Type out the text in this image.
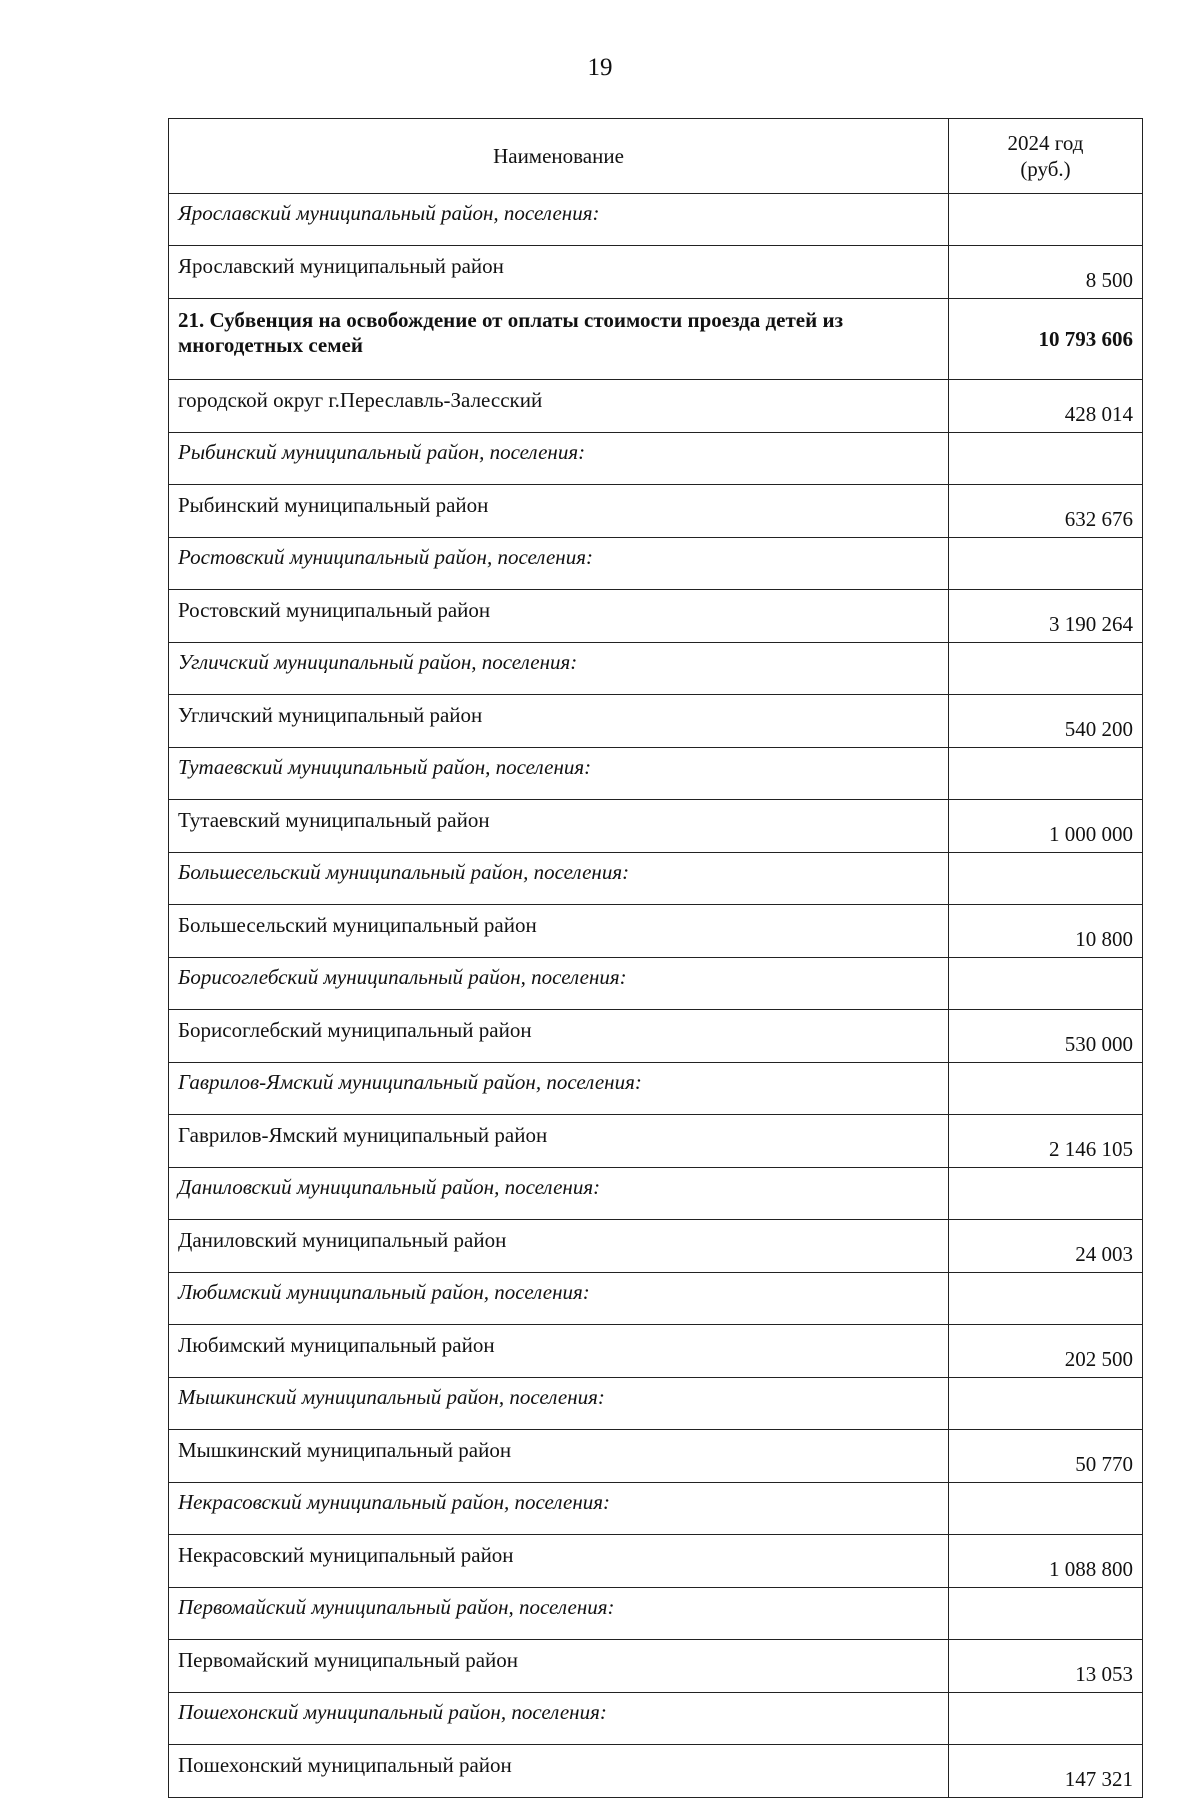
19
Наименование	2024 год
(руб.)

Ярославский муниципальный район, поселения:	
Ярославский муниципальный район	8 500
21. Субвенция на освобождение от оплаты стоимости проезда детей из многодетных семей	10 793 606
городской округ г.Переславль-Залесский	428 014
Рыбинский муниципальный район, поселения:	
Рыбинский муниципальный район	632 676
Ростовский муниципальный район, поселения:	
Ростовский муниципальный район	3 190 264
Угличский муниципальный район, поселения:	
Угличский муниципальный район	540 200
Тутаевский муниципальный район, поселения:	
Тутаевский муниципальный район	1 000 000
Большесельский муниципальный район, поселения:	
Большесельский муниципальный район	10 800
Борисоглебский муниципальный район, поселения:	
Борисоглебский муниципальный район	530 000
Гаврилов-Ямский муниципальный район, поселения:	
Гаврилов-Ямский муниципальный район	2 146 105
Даниловский муниципальный район, поселения:	
Даниловский муниципальный район	24 003
Любимский муниципальный район, поселения:	
Любимский муниципальный район	202 500
Мышкинский муниципальный район, поселения:	
Мышкинский муниципальный район	50 770
Некрасовский муниципальный район, поселения:	
Некрасовский муниципальный район	1 088 800
Первомайский муниципальный район, поселения:	
Первомайский муниципальный район	13 053
Пошехонский муниципальный район, поселения:	
Пошехонский муниципальный район	147 321
